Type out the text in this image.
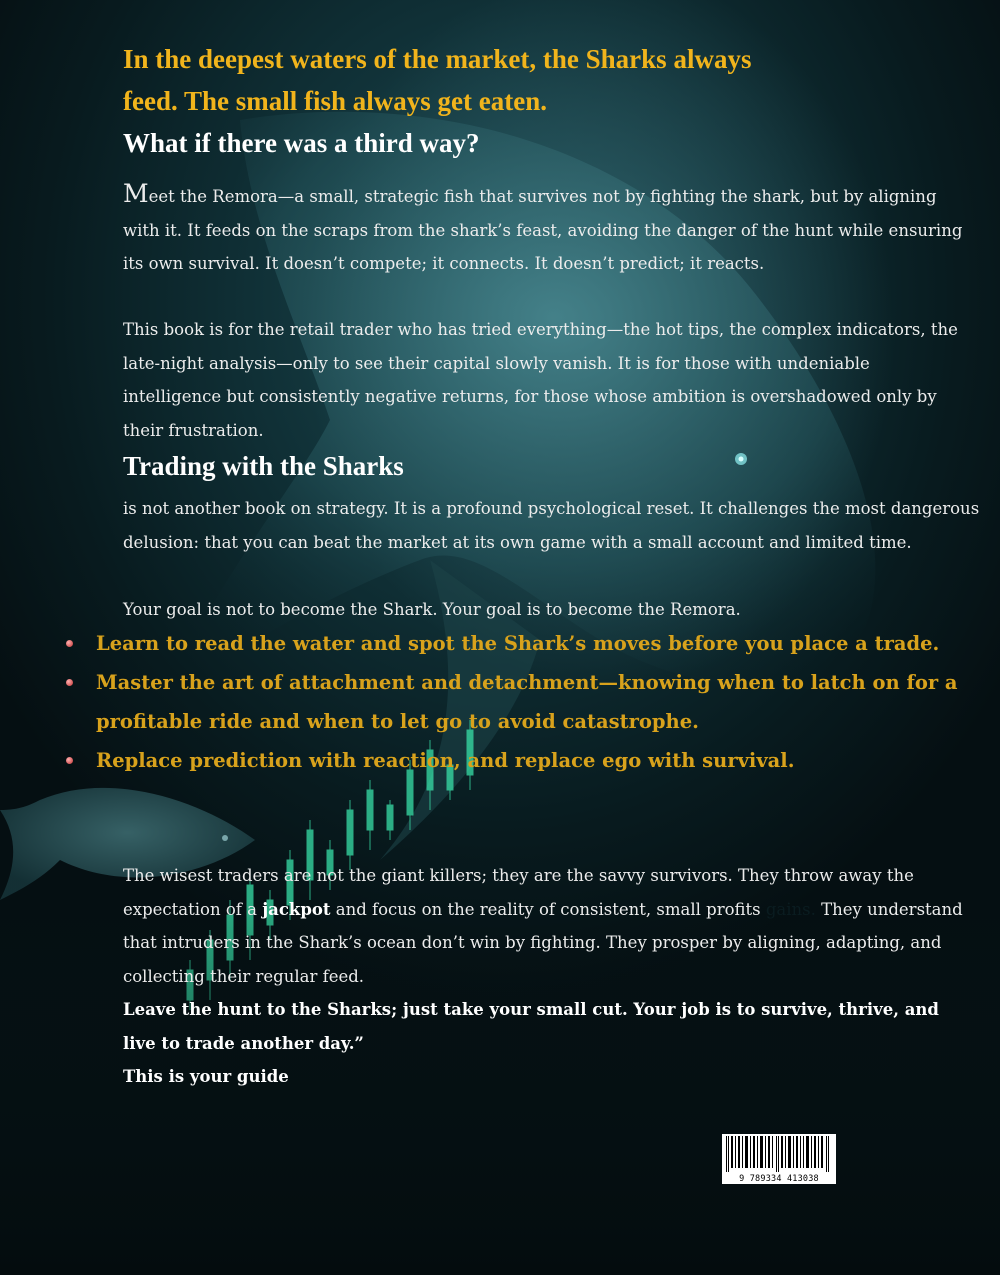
In the deepest waters of the market, the Sharks always
feed. The small fish always get eaten.
What if there was a third way?

Meet the Remora—a small, strategic fish that survives not by fighting the shark, but by aligning with it. It feeds on the scraps from the shark’s feast, avoiding the danger of the hunt while ensuring its own survival. It doesn’t compete; it connects. It doesn’t predict; it reacts.

This book is for the retail trader who has tried everything—the hot tips, the complex indicators, the late-night analysis—only to see their capital slowly vanish. It is for those with undeniable intelligence but consistently negative returns, for those whose ambition is overshadowed only by their frustration.

Trading with the Sharks

is not another book on strategy. It is a profound psychological reset. It challenges the most dangerous delusion: that you can beat the market at its own game with a small account and limited time.

Your goal is not to become the Shark. Your goal is to become the Remora.

Learn to read the water and spot the Shark’s moves before you place a trade.
Master the art of attachment and detachment—knowing when to latch on for a profitable ride and when to let go to avoid catastrophe.
Replace prediction with reaction, and replace ego with survival.

The wisest traders are not the giant killers; they are the savvy survivors. They throw away the expectation of a jackpot and focus on the reality of consistent, small profits gains. They understand that intruders in the Shark’s ocean don’t win by fighting. They prosper by aligning, adapting, and collecting their regular feed.

Leave the hunt to the Sharks; just take your small cut. Your job is to survive, thrive, and live to trade another day.”

This is your guide

9 789334 413038
